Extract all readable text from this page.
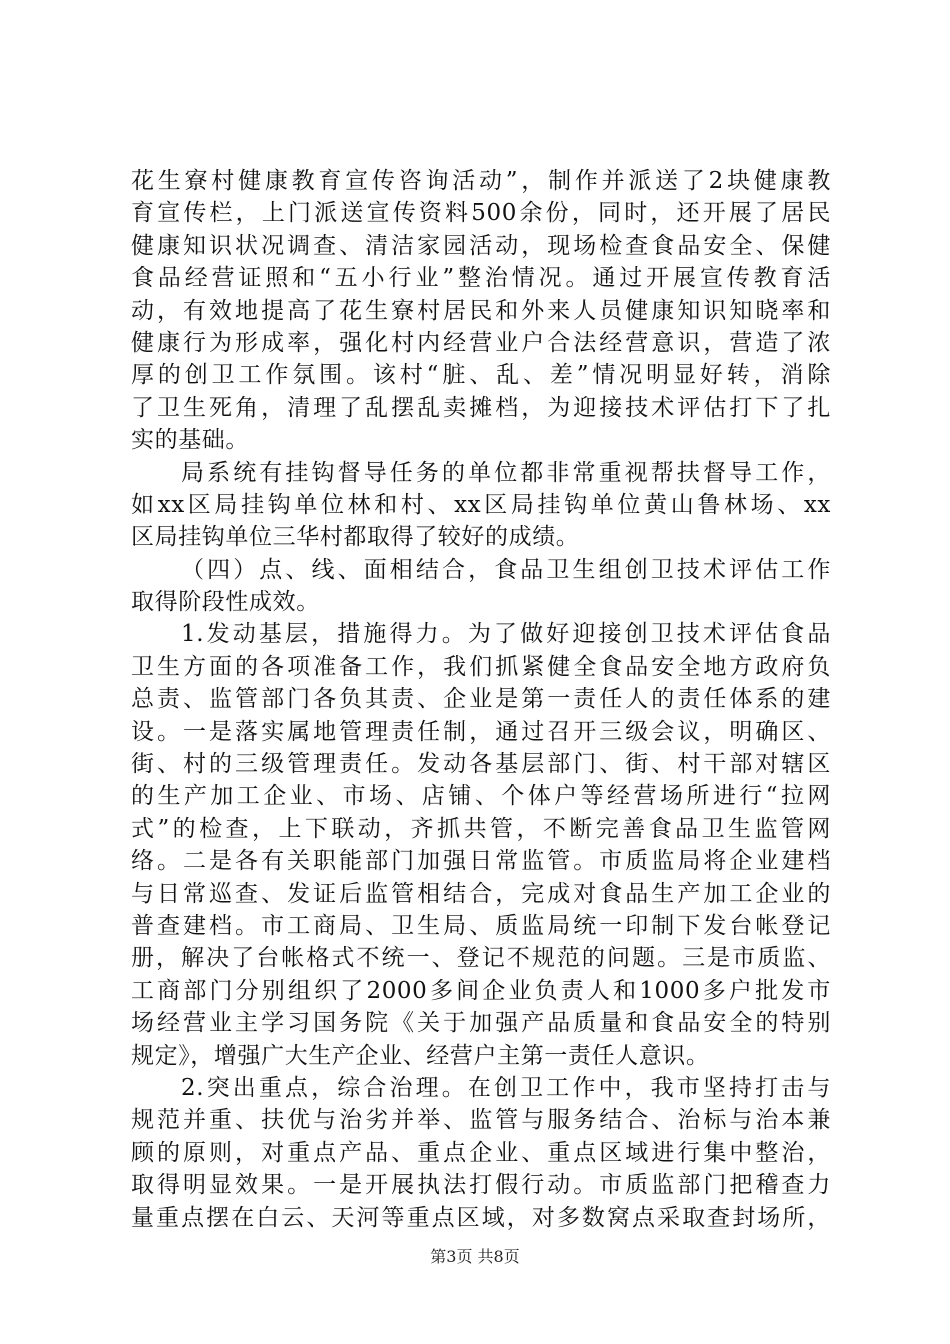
花生寮村健康教育宣传咨询活动”，制作并派送了2块健康教
育宣传栏，上门派送宣传资料500余份，同时，还开展了居民
健康知识状况调查、清洁家园活动，现场检查食品安全、保健
食品经营证照和“五小行业”整治情况。通过开展宣传教育活
动，有效地提高了花生寮村居民和外来人员健康知识知晓率和
健康行为形成率，强化村内经营业户合法经营意识，营造了浓
厚的创卫工作氛围。该村“脏、乱、差”情况明显好转，消除
了卫生死角，清理了乱摆乱卖摊档，为迎接技术评估打下了扎
实的基础。
局系统有挂钩督导任务的单位都非常重视帮扶督导工作，
如xx区局挂钩单位林和村、xx区局挂钩单位黄山鲁林场、xx
区局挂钩单位三华村都取得了较好的成绩。
（四）点、线、面相结合，食品卫生组创卫技术评估工作
取得阶段性成效。
1.发动基层，措施得力。为了做好迎接创卫技术评估食品
卫生方面的各项准备工作，我们抓紧健全食品安全地方政府负
总责、监管部门各负其责、企业是第一责任人的责任体系的建
设。一是落实属地管理责任制，通过召开三级会议，明确区、
街、村的三级管理责任。发动各基层部门、街、村干部对辖区
的生产加工企业、市场、店铺、个体户等经营场所进行“拉网
式”的检查，上下联动，齐抓共管，不断完善食品卫生监管网
络。二是各有关职能部门加强日常监管。市质监局将企业建档
与日常巡查、发证后监管相结合，完成对食品生产加工企业的
普查建档。市工商局、卫生局、质监局统一印制下发台帐登记
册，解决了台帐格式不统一、登记不规范的问题。三是市质监、
工商部门分别组织了2000多间企业负责人和1000多户批发市
场经营业主学习国务院《关于加强产品质量和食品安全的特别
规定》，增强广大生产企业、经营户主第一责任人意识。
2.突出重点，综合治理。在创卫工作中，我市坚持打击与
规范并重、扶优与治劣并举、监管与服务结合、治标与治本兼
顾的原则，对重点产品、重点企业、重点区域进行集中整治，
取得明显效果。一是开展执法打假行动。市质监部门把稽查力
量重点摆在白云、天河等重点区域，对多数窝点采取查封场所，
第3页 共8页
